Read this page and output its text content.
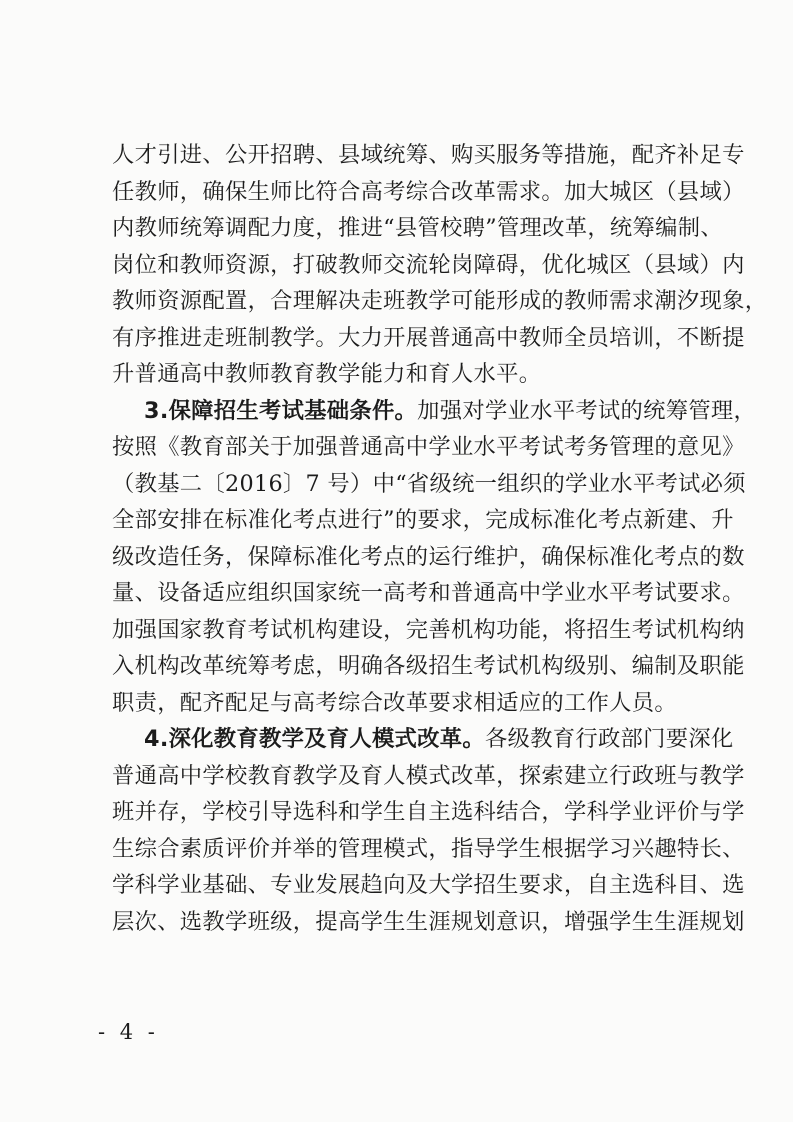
人才引进、公开招聘、县域统筹、购买服务等措施，配齐补足专
任教师，确保生师比符合高考综合改革需求。加大城区（县域）
内教师统筹调配力度，推进“县管校聘”管理改革，统筹编制、
岗位和教师资源，打破教师交流轮岗障碍，优化城区（县域）内
教师资源配置，合理解决走班教学可能形成的教师需求潮汐现象，
有序推进走班制教学。大力开展普通高中教师全员培训，不断提
升普通高中教师教育教学能力和育人水平。
3.保障招生考试基础条件。加强对学业水平考试的统筹管理，
按照《教育部关于加强普通高中学业水平考试考务管理的意见》
（教基二〔2016〕7 号）中“省级统一组织的学业水平考试必须
全部安排在标准化考点进行”的要求，完成标准化考点新建、升
级改造任务，保障标准化考点的运行维护，确保标准化考点的数
量、设备适应组织国家统一高考和普通高中学业水平考试要求。
加强国家教育考试机构建设，完善机构功能，将招生考试机构纳
入机构改革统筹考虑，明确各级招生考试机构级别、编制及职能
职责，配齐配足与高考综合改革要求相适应的工作人员。
4.深化教育教学及育人模式改革。各级教育行政部门要深化
普通高中学校教育教学及育人模式改革，探索建立行政班与教学
班并存，学校引导选科和学生自主选科结合，学科学业评价与学
生综合素质评价并举的管理模式，指导学生根据学习兴趣特长、
学科学业基础、专业发展趋向及大学招生要求，自主选科目、选
层次、选教学班级，提高学生生涯规划意识，增强学生生涯规划
- 4 -
